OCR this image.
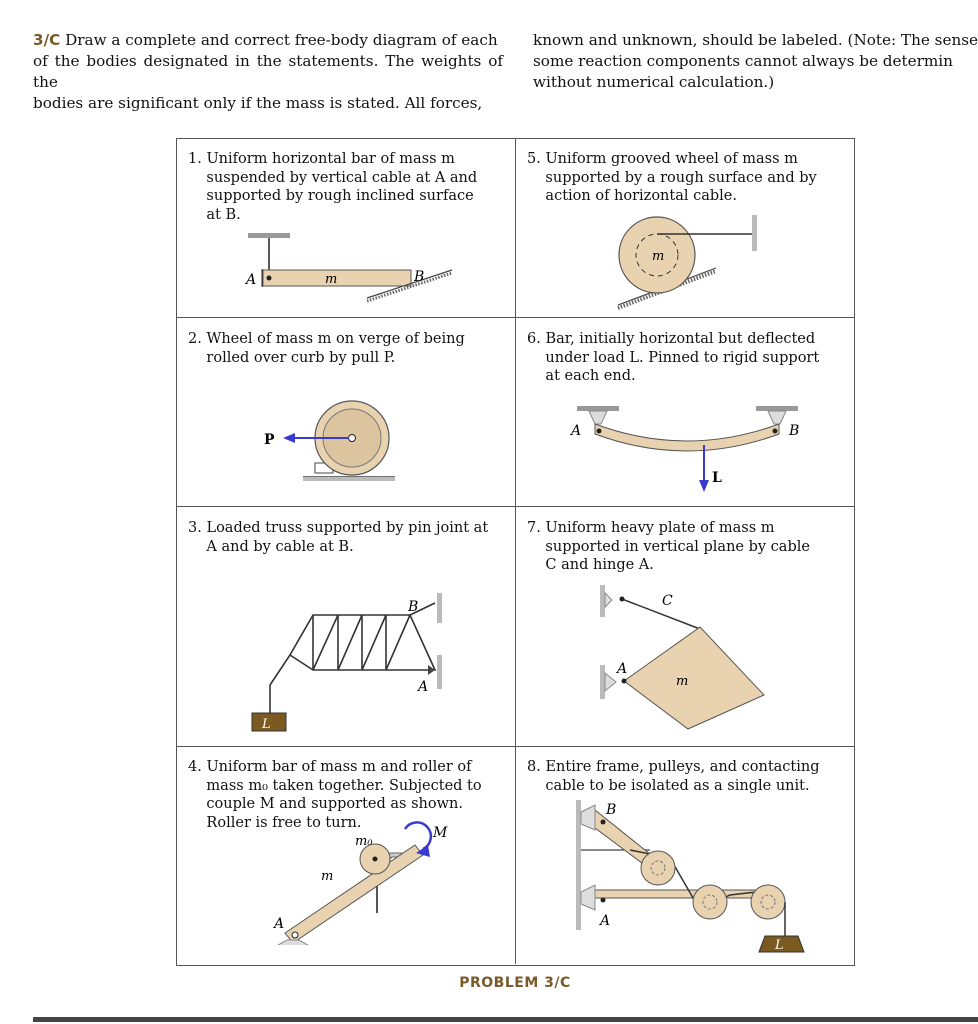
3/C Draw a complete and correct free-body diagram of each
of the bodies designated in the statements. The weights of the
bodies are significant only if the mass is stated. All forces,
known and unknown, should be labeled. (Note: The sense
some reaction components cannot always be determin
without numerical calculation.)
1. Uniform horizontal bar of mass m
suspended by vertical cable at A and
supported by rough inclined surface
at B.
2. Wheel of mass m on verge of being
rolled over curb by pull P.
3. Loaded truss supported by pin joint at
A and by cable at B.
4. Uniform bar of mass m and roller of
mass m₀ taken together. Subjected to
couple M and supported as shown.
Roller is free to turn.
5. Uniform grooved wheel of mass m
supported by a rough surface and by
action of horizontal cable.
6. Bar, initially horizontal but deflected
under load L. Pinned to rigid support
at each end.
7. Uniform heavy plate of mass m
supported in vertical plane by cable
C and hinge A.
8. Entire frame, pulleys, and contacting
cable to be isolated as a single unit.
A	m	B
P
B
A
L
m₀
M
m
A
m
A	B
L
C
A
m
B
A
L
PROBLEM 3/C
